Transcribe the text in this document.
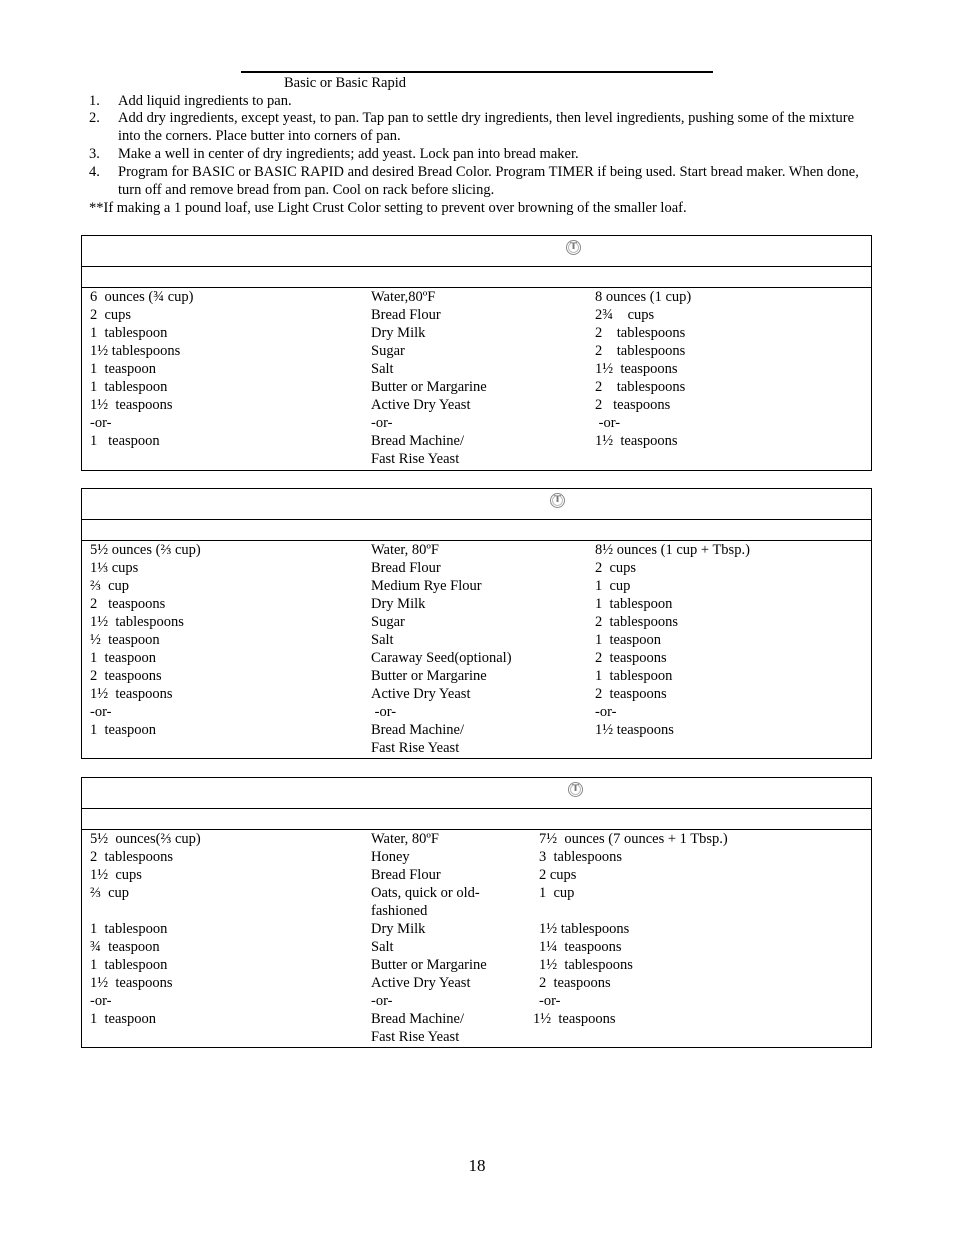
Basic or Basic Rapid
1. Add liquid ingredients to pan.
2. Add dry ingredients, except yeast, to pan. Tap pan to settle dry ingredients, then level ingredients, pushing some of the mixture into the corners. Place butter into corners of pan.
3. Make a well in center of dry ingredients; add yeast. Lock pan into bread maker.
4. Program for BASIC or BASIC RAPID and desired Bread Color. Program TIMER if being used. Start bread maker. When done, turn off and remove bread from pan. Cool on rack before slicing.
**If making a 1 pound loaf, use Light Crust Color setting to prevent over browning of the smaller loaf.
T
6  ounces (¾ cup)	Water,80ºF	8 ounces (1 cup)
2  cups	Bread Flour	2¾    cups
1  tablespoon	Dry Milk	2    tablespoons
1½ tablespoons	Sugar	2    tablespoons
1  teaspoon	Salt	1½  teaspoons
1  tablespoon	Butter or Margarine	2    tablespoons
1½  teaspoons	Active Dry Yeast	2   teaspoons
-or-	-or-	-or-
1   teaspoon	Bread Machine/	1½  teaspoons
Fast Rise Yeast
T
5½ ounces (⅔ cup)	Water, 80ºF	8½ ounces (1 cup + Tbsp.)
1⅓ cups	Bread Flour	2  cups
⅔  cup	Medium Rye Flour	1  cup
2   teaspoons	Dry Milk	1  tablespoon
1½  tablespoons	Sugar	2  tablespoons
½  teaspoon	Salt	1  teaspoon
1  teaspoon	Caraway Seed(optional)	2  teaspoons
2  teaspoons	Butter or Margarine	1  tablespoon
1½  teaspoons	Active Dry Yeast	2  teaspoons
-or-	-or-	-or-
1  teaspoon	Bread Machine/	1½ teaspoons
Fast Rise Yeast
T
5½  ounces(⅔ cup)	Water, 80ºF	7½  ounces (7 ounces + 1 Tbsp.)
2  tablespoons	Honey	3  tablespoons
1½  cups	Bread Flour	2 cups
⅔  cup	Oats, quick or old-	1  cup
fashioned
1  tablespoon	Dry Milk	1½ tablespoons
¾  teaspoon	Salt	1¼  teaspoons
1  tablespoon	Butter or Margarine	1½  tablespoons
1½  teaspoons	Active Dry Yeast	2  teaspoons
-or-	-or-	-or-
1  teaspoon	Bread Machine/	1½  teaspoons
Fast Rise Yeast
18
